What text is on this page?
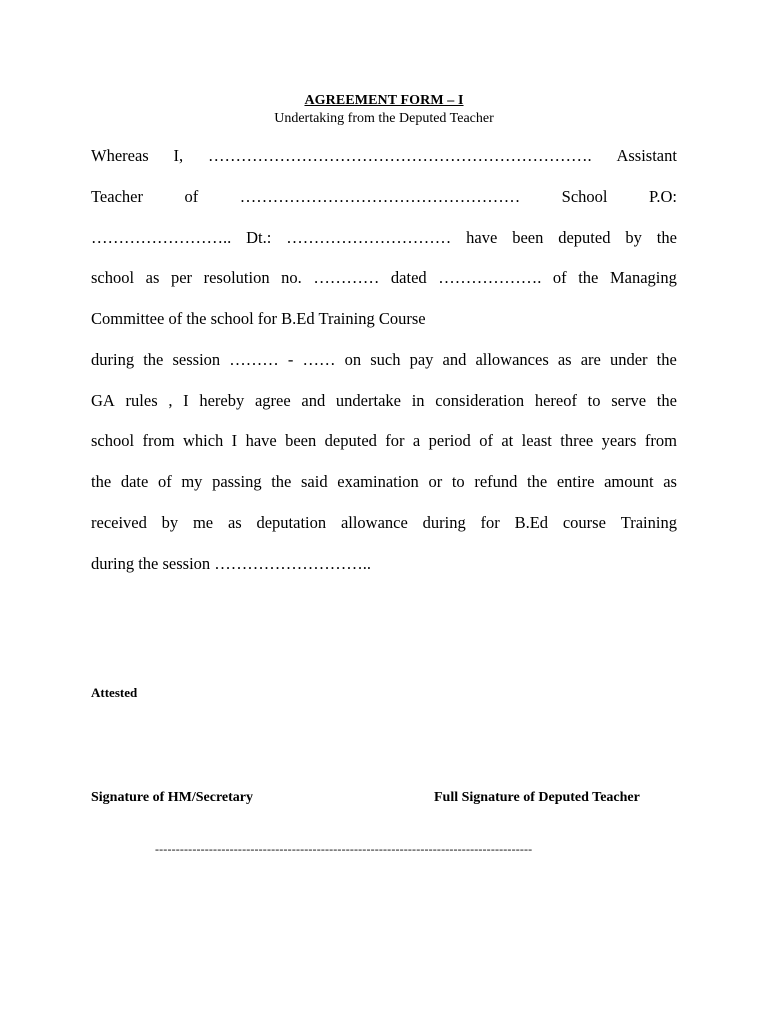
AGREEMENT FORM – I

Undertaking from the Deputed Teacher

Whereas I, ……………………………………………………………. Assistant
Teacher	of	……………………………………………	School	P.O:
…………………….. Dt.: ………………………… have been deputed by the
school as per resolution no. ………… dated ………………. of the Managing

Committee of the school for B.Ed Training Course

during the session ……… - …… on such pay and allowances as are under the
GA rules , I hereby agree and undertake in consideration hereof to serve the
school from which I have been deputed for a period of at least three years from
the date of my passing the said examination or to refund the entire amount as
received by me as deputation allowance during for B.Ed course Training

during the session ………………………..

Attested

Signature of HM/Secretary	Full Signature of Deputed Teacher

-------------------------------------------------------------------------------------------
